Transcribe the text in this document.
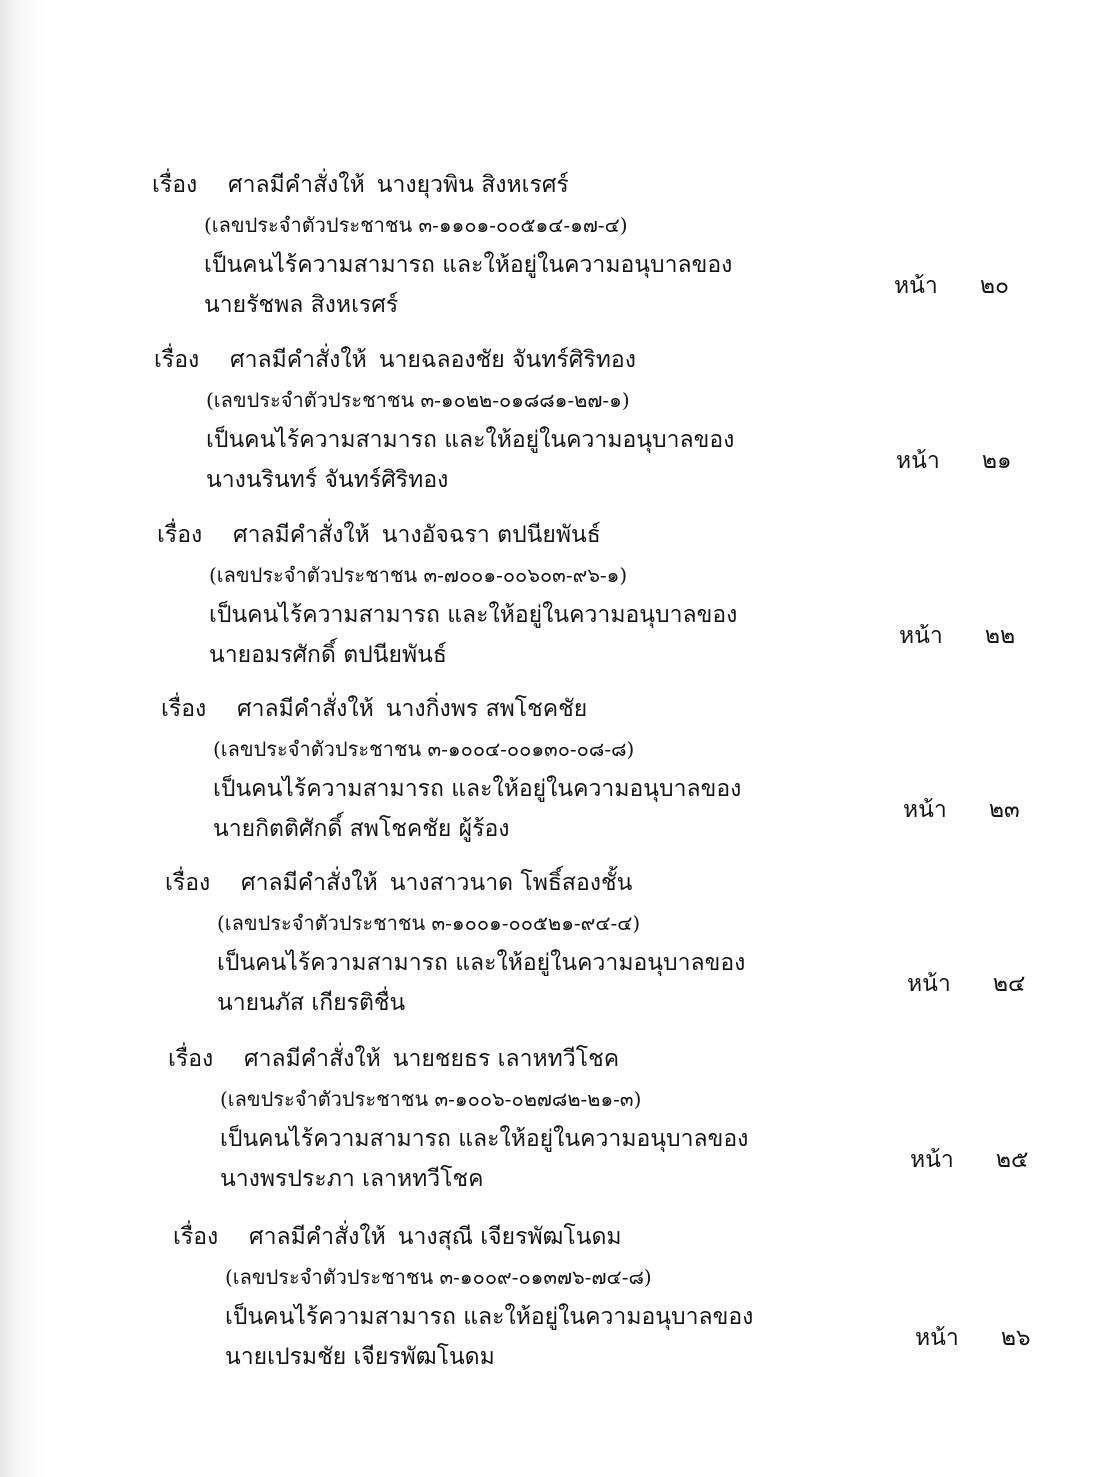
เรื่อง ศาลมีคำสั่งให้ นางยุวพิน สิงหเรศร์
(เลขประจำตัวประชาชน ๓-๑๑๐๑-๐๐๕๑๔-๑๗-๔)
เป็นคนไร้ความสามารถ และให้อยู่ในความอนุบาลของ
นายรัชพล สิงหเรศร์
หน้า ๒๐
เรื่อง ศาลมีคำสั่งให้ นายฉลองชัย จันทร์ศิริทอง
(เลขประจำตัวประชาชน ๓-๑๐๒๒-๐๑๘๘๑-๒๗-๑)
เป็นคนไร้ความสามารถ และให้อยู่ในความอนุบาลของ
นางนรินทร์ จันทร์ศิริทอง
หน้า ๒๑
เรื่อง ศาลมีคำสั่งให้ นางอัจฉรา ตปนียพันธ์
(เลขประจำตัวประชาชน ๓-๗๐๐๑-๐๐๖๐๓-๙๖-๑)
เป็นคนไร้ความสามารถ และให้อยู่ในความอนุบาลของ
นายอมรศักดิ์ ตปนียพันธ์
หน้า ๒๒
เรื่อง ศาลมีคำสั่งให้ นางกิ่งพร สพโชคชัย
(เลขประจำตัวประชาชน ๓-๑๐๐๔-๐๐๑๓๐-๐๘-๘)
เป็นคนไร้ความสามารถ และให้อยู่ในความอนุบาลของ
นายกิตติศักดิ์ สพโชคชัย ผู้ร้อง
หน้า ๒๓
เรื่อง ศาลมีคำสั่งให้ นางสาวนาด โพธิ์สองชั้น
(เลขประจำตัวประชาชน ๓-๑๐๐๑-๐๐๕๒๑-๙๔-๔)
เป็นคนไร้ความสามารถ และให้อยู่ในความอนุบาลของ
นายนภัส เกียรติชื่น
หน้า ๒๔
เรื่อง ศาลมีคำสั่งให้ นายชยธร เลาหทวีโชค
(เลขประจำตัวประชาชน ๓-๑๐๐๖-๐๒๗๘๒-๒๑-๓)
เป็นคนไร้ความสามารถ และให้อยู่ในความอนุบาลของ
นางพรประภา เลาหทวีโชค
หน้า ๒๕
เรื่อง ศาลมีคำสั่งให้ นางสุณี เจียรพัฒโนดม
(เลขประจำตัวประชาชน ๓-๑๐๐๙-๐๑๓๗๖-๗๔-๘)
เป็นคนไร้ความสามารถ และให้อยู่ในความอนุบาลของ
นายเปรมชัย เจียรพัฒโนดม
หน้า ๒๖
